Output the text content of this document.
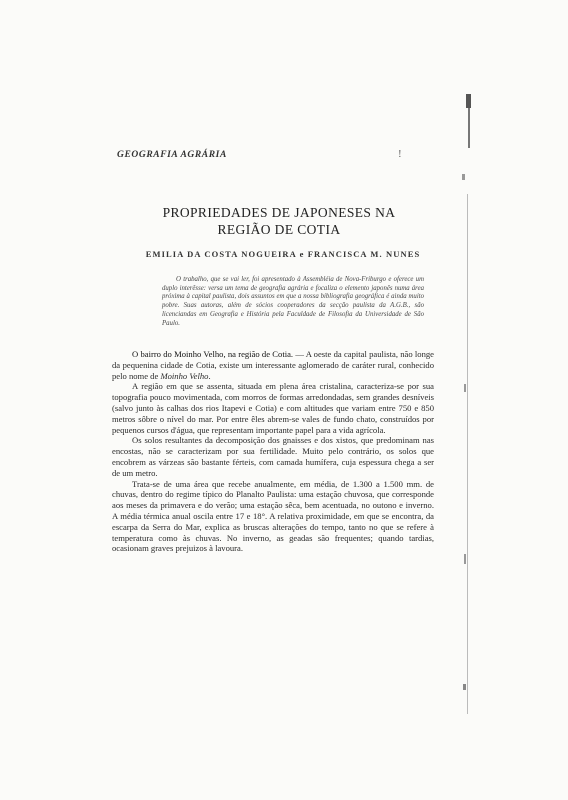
GEOGRAFIA AGRÁRIA	!
PROPRIEDADES DE JAPONESES NA
REGIÃO DE COTIA
EMILIA DA COSTA NOGUEIRA e FRANCISCA M. NUNES
O trabalho, que se vai ler, foi apresentado à Assembléia de Nova-Friburgo e oferece um duplo interêsse: versa um tema de geografia agrária e focaliza o elemento japonês numa área próxima à capital paulista, dois assuntos em que a nossa bibliografia geográfica é ainda muito pobre. Suas autoras, além de sócios cooperadores da secção paulista da A.G.B., são licenciandas em Geografia e História pela Faculdade de Filosofia da Universidade de São Paulo.

O bairro do Moinho Velho, na região de Cotia. — A oeste da capital paulista, não longe da pequenina cidade de Cotia, existe um interessante aglomerado de caráter rural, conhecido pelo nome de Moinho Velho.

A região em que se assenta, situada em plena área cristalina, caracteriza-se por sua topografia pouco movimentada, com morros de formas arredondadas, sem grandes desníveis (salvo junto às calhas dos rios Itapevi e Cotia) e com altitudes que variam entre 750 e 850 metros sôbre o nível do mar. Por entre êles abrem-se vales de fundo chato, construídos por pequenos cursos d'água, que representam importante papel para a vida agrícola.

Os solos resultantes da decomposição dos gnaisses e dos xistos, que predominam nas encostas, não se caracterizam por sua fertilidade. Muito pelo contrário, os solos que encobrem as várzeas são bastante férteis, com camada humífera, cuja espessura chega a ser de um metro.

Trata-se de uma área que recebe anualmente, em média, de 1.300 a 1.500 mm. de chuvas, dentro do regime típico do Planalto Paulista: uma estação chuvosa, que corresponde aos meses da primavera e do verão; uma estação sêca, bem acentuada, no outono e inverno. A média térmica anual oscila entre 17 e 18°. A relativa proximidade, em que se encontra, da escarpa da Serra do Mar, explica as bruscas alterações do tempo, tanto no que se refere à temperatura como às chuvas. No inverno, as geadas são frequentes; quando tardias, ocasionam graves prejuizos à lavoura.
